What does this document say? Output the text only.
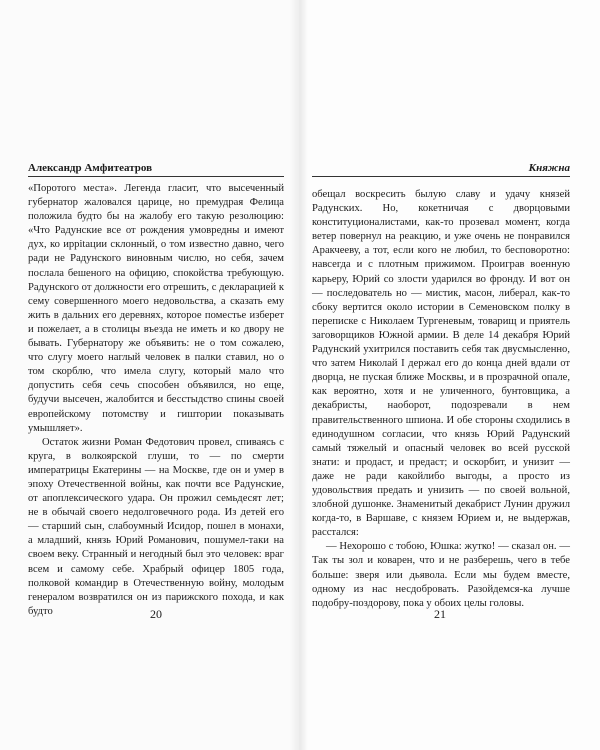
Александр Амфитеатров

«Поротого места». Легенда гласит, что высеченный губернатор жаловался царице, но премудрая Фелица положила будто бы на жалобу его такую резолюцию: «Что Радунские все от рождения умовредны и имеют дух, ко иррitации склонный, о том известно давно, чего ради не Радунского виновным числю, но себя, зачем послала бешеного на официю, спокойства требующую. Радунского от должности его отрешить, с декларацией к сему совершенного моего недовольства, а сказать ему жить в дальних его деревнях, которое поместье изберет и пожелает, а в столицы въезда не иметь и ко двору не бывать. Губернатору же объявить: не о том сожалею, что слугу моего наглый человек в палки ставил, но о том скорблю, что имела слугу, который мало что допустить себя сечь способен объявился, но еще, будучи высечен, жалобится и бесстыдство спины своей европейскому потомству и гиштории показывать умышляет».

Остаток жизни Роман Федотович провел, спиваясь с круга, в волкоярской глуши, то — по смерти императрицы Екатерины — на Москве, где он и умер в эпоху Отечественной войны, как почти все Радунские, от апоплексического удара. Он прожил семьдесят лет; не в обычай своего недолговечного рода. Из детей его — старший сын, слабоумный Исидор, пошел в монахи, а младший, князь Юрий Романович, пошумел-таки на своем веку. Странный и негодный был это человек: враг всем и самому себе. Храбрый офицер 1805 года, полковой командир в Отечественную войну, молодым генералом возвратился он из парижского похода, и как будто	20
Княжна

обещал воскресить былую славу и удачу князей Радунских. Но, кокетничая с дворцовыми конституционалистами, как-то прозевал момент, когда ветер повернул на реакцию, и уже очень не понравился Аракчееву, а тот, если кого не любил, то бесповоротно: навсегда и с плотным прижимом. Проиграв военную карьеру, Юрий со злости ударился во фронду. И вот он — последователь но — мистик, масон, либерал, как-то сбоку вертится около истории в Семеновском полку в переписке с Николаем Тургеневым, товарищ и приятель заговорщиков Южной армии. В деле 14 декабря Юрий Радунский ухитрился поставить себя так двусмысленно, что затем Николай I держал его до конца дней вдали от дворца, не пуская ближе Москвы, и в прозрачной опале, как вероятно, хотя и не уличенного, бунтовщика, а декабристы, наоборот, подозревали в нем правительственного шпиона. И обе стороны сходились в единодушном согласии, что князь Юрий Радунский самый тяжелый и опасный человек во всей русской знати: и продаст, и предаст; и оскорбит, и унизит — даже не ради какойлибо выгоды, а просто из удовольствия предать и унизить — по своей вольной, злобной душонке. Знаменитый декабрист Лунин дружил когда-то, в Варшаве, с князем Юрием и, не выдержав, расстался:

— Нехорошо с тобою, Юшка: жутко! — сказал он. — Так ты зол и коварен, что и не разберешь, чего в тебе больше: зверя или дьявола. Если мы будем вместе, одному из нас несдобровать. Разойдемся-ка лучше подобру-поздорову, пока у обоих целы головы.

21
